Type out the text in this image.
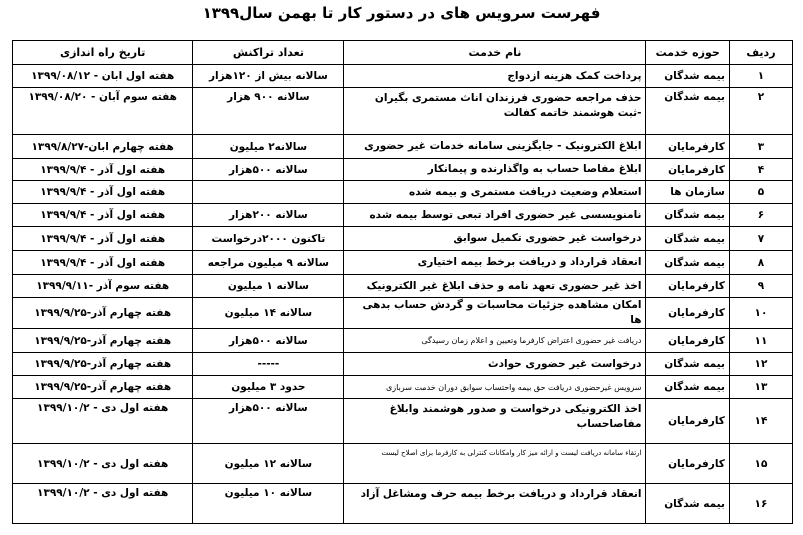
فهرست سرویس های در دستور کار تا بهمن سال۱۳۹۹
ردیف	حوزه خدمت	نام خدمت	تعداد تراکنش	تاریخ راه اندازی
۱	بیمه شدگان	پرداخت کمک هزینه ازدواج	سالانه بیش از ۱۲۰هزار	هفته اول ابان - ۱۳۹۹/۰۸/۱۲
۲	بیمه شدگان	حذف مراجعه حضوری فرزندان اناث مستمری بگیران -ثبت هوشمند خاتمه کفالت	سالانه ۹۰۰ هزار	هفته سوم آبان - ۱۳۹۹/۰۸/۲۰
۳	کارفرمایان	ابلاغ الکترونیک - جایگزینی سامانه خدمات غیر حضوری	سالانه۲ میلیون	هفته چهارم ابان-۱۳۹۹/۸/۲۷
۴	کارفرمایان	ابلاغ مفاصا حساب به واگذارنده و پیمانکار	سالانه ۵۰۰هزار	هفته اول آذر - ۱۳۹۹/۹/۴
۵	سازمان ها	استعلام وضعیت دریافت مستمری و بیمه شده		هفته اول آذر - ۱۳۹۹/۹/۴
۶	بیمه شدگان	نامنویسسی غیر حضوری افراد تبعی توسط بیمه شده	سالانه ۲۰۰هزار	هفته اول آذر - ۱۳۹۹/۹/۴
۷	بیمه شدگان	درخواست غیر حضوری تکمیل سوابق	تاکنون ۲۰۰۰درخواست	هفته اول آذر - ۱۳۹۹/۹/۴
۸	بیمه شدگان	انعقاد قرارداد و دریافت برخط بیمه اختیاری	سالانه ۹ میلیون مراجعه	هفته اول آذر - ۱۳۹۹/۹/۴
۹	کارفرمایان	اخذ غیر حضوری تعهد نامه و حذف ابلاغ غیر الکترونیک	سالانه ۱ میلیون	هفته سوم آذر -۱۳۹۹/۹/۱۱
۱۰	کارفرمایان	امکان مشاهده جزئیات محاسبات و گردش حساب بدهی ها	سالانه ۱۴ میلیون	هفته چهارم آذر-۱۳۹۹/۹/۲۵
۱۱	کارفرمایان	دریافت غیر حضوری اعتراض کارفرما وتعیین و اعلام زمان رسیدگی	سالانه ۵۰۰هزار	هفته چهارم آذر-۱۳۹۹/۹/۲۵
۱۲	بیمه شدگان	درخواست غیر حضوری حوادث	-----	هفته چهارم آذر-۱۳۹۹/۹/۲۵
۱۳	بیمه شدگان	سرویس غیرحضوری دریافت حق بیمه واحتساب سوابق دوران خدمت سربازی	حدود ۳ میلیون	هفته چهارم آذر-۱۳۹۹/۹/۲۵
۱۴	کارفرمایان	اخذ الکترونیکی درخواست و صدور هوشمند وابلاغ مفاصاحساب	سالانه ۵۰۰هزار	هفته اول دی - ۱۳۹۹/۱۰/۲
۱۵	کارفرمایان	ارتقاء سامانه دریافت لیست و ارائه میز کار وامکانات کنترلی به کارفرما برای اصلاح لیست	سالانه ۱۲ میلیون	هفته اول دی - ۱۳۹۹/۱۰/۲
۱۶	بیمه شدگان	انعقاد قرارداد و دریافت برخط بیمه حرف ومشاغل آزاد	سالانه ۱۰ میلیون	هفته اول دی - ۱۳۹۹/۱۰/۲
